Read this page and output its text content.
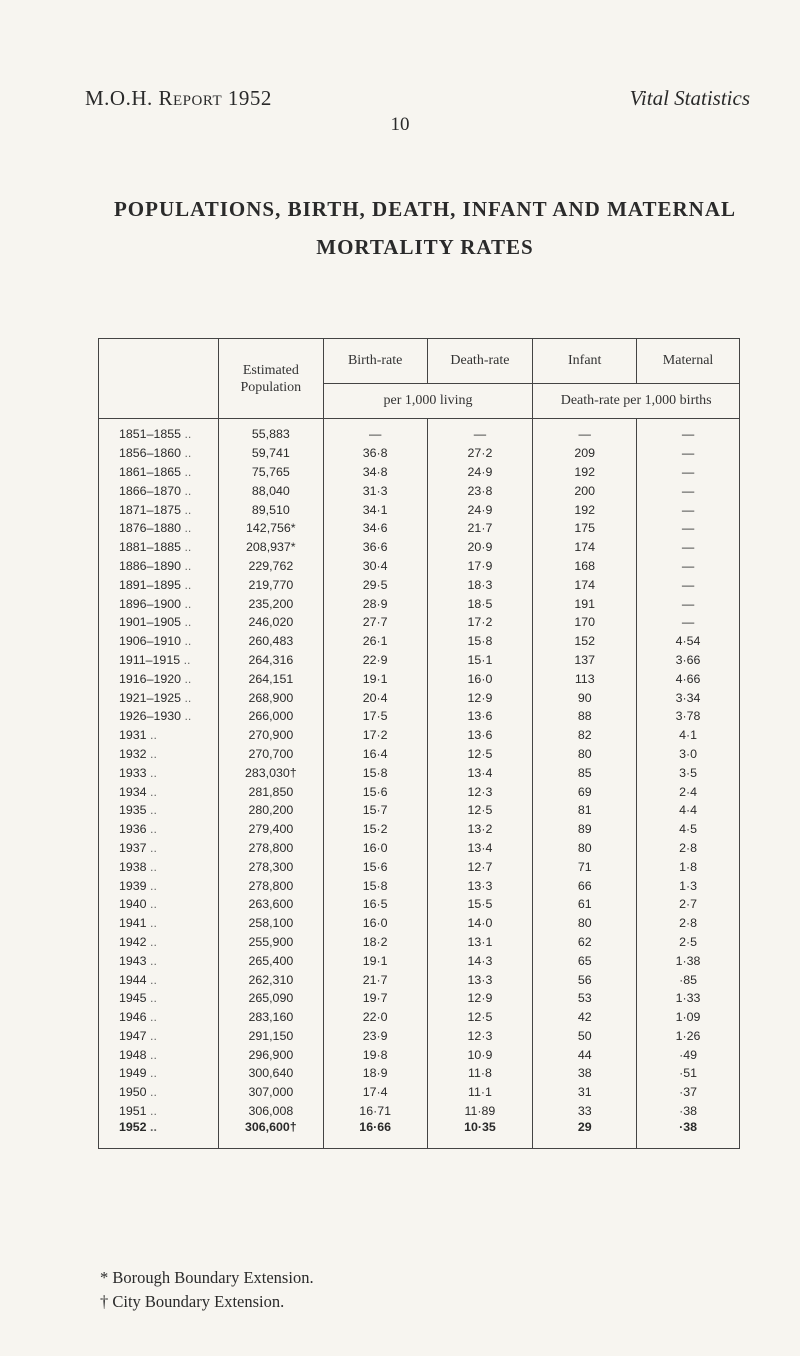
M.O.H. Report 1952	Vital Statistics
10
POPULATIONS, BIRTH, DEATH, INFANT AND MATERNAL
MORTALITY RATES
	Estimated Population	Birth-rate	Death-rate	Infant	Maternal
		per 1,000 living		Death-rate per 1,000 births	
1851–1855 ..	55,883	—	—	—	—
1856–1860 ..	59,741	36·8	27·2	209	—
1861–1865 ..	75,765	34·8	24·9	192	—
1866–1870 ..	88,040	31·3	23·8	200	—
1871–1875 ..	89,510	34·1	24·9	192	—
1876–1880 ..	142,756*	34·6	21·7	175	—
1881–1885 ..	208,937*	36·6	20·9	174	—
1886–1890 ..	229,762	30·4	17·9	168	—
1891–1895 ..	219,770	29·5	18·3	174	—
1896–1900 ..	235,200	28·9	18·5	191	—
1901–1905 ..	246,020	27·7	17·2	170	—
1906–1910 ..	260,483	26·1	15·8	152	4·54
1911–1915 ..	264,316	22·9	15·1	137	3·66
1916–1920 ..	264,151	19·1	16·0	113	4·66
1921–1925 ..	268,900	20·4	12·9	90	3·34
1926–1930 ..	266,000	17·5	13·6	88	3·78
1931 ..	270,900	17·2	13·6	82	4·1
1932 ..	270,700	16·4	12·5	80	3·0
1933 ..	283,030†	15·8	13·4	85	3·5
1934 ..	281,850	15·6	12·3	69	2·4
1935 ..	280,200	15·7	12·5	81	4·4
1936 ..	279,400	15·2	13·2	89	4·5
1937 ..	278,800	16·0	13·4	80	2·8
1938 ..	278,300	15·6	12·7	71	1·8
1939 ..	278,800	15·8	13·3	66	1·3
1940 ..	263,600	16·5	15·5	61	2·7
1941 ..	258,100	16·0	14·0	80	2·8
1942 ..	255,900	18·2	13·1	62	2·5
1943 ..	265,400	19·1	14·3	65	1·38
1944 ..	262,310	21·7	13·3	56	·85
1945 ..	265,090	19·7	12·9	53	1·33
1946 ..	283,160	22·0	12·5	42	1·09
1947 ..	291,150	23·9	12·3	50	1·26
1948 ..	296,900	19·8	10·9	44	·49
1949 ..	300,640	18·9	11·8	38	·51
1950 ..	307,000	17·4	11·1	31	·37
1951 ..	306,008	16·71	11·89	33	·38
1952 ..	306,600†	16·66	10·35	29	·38
* Borough Boundary Extension.
† City Boundary Extension.
